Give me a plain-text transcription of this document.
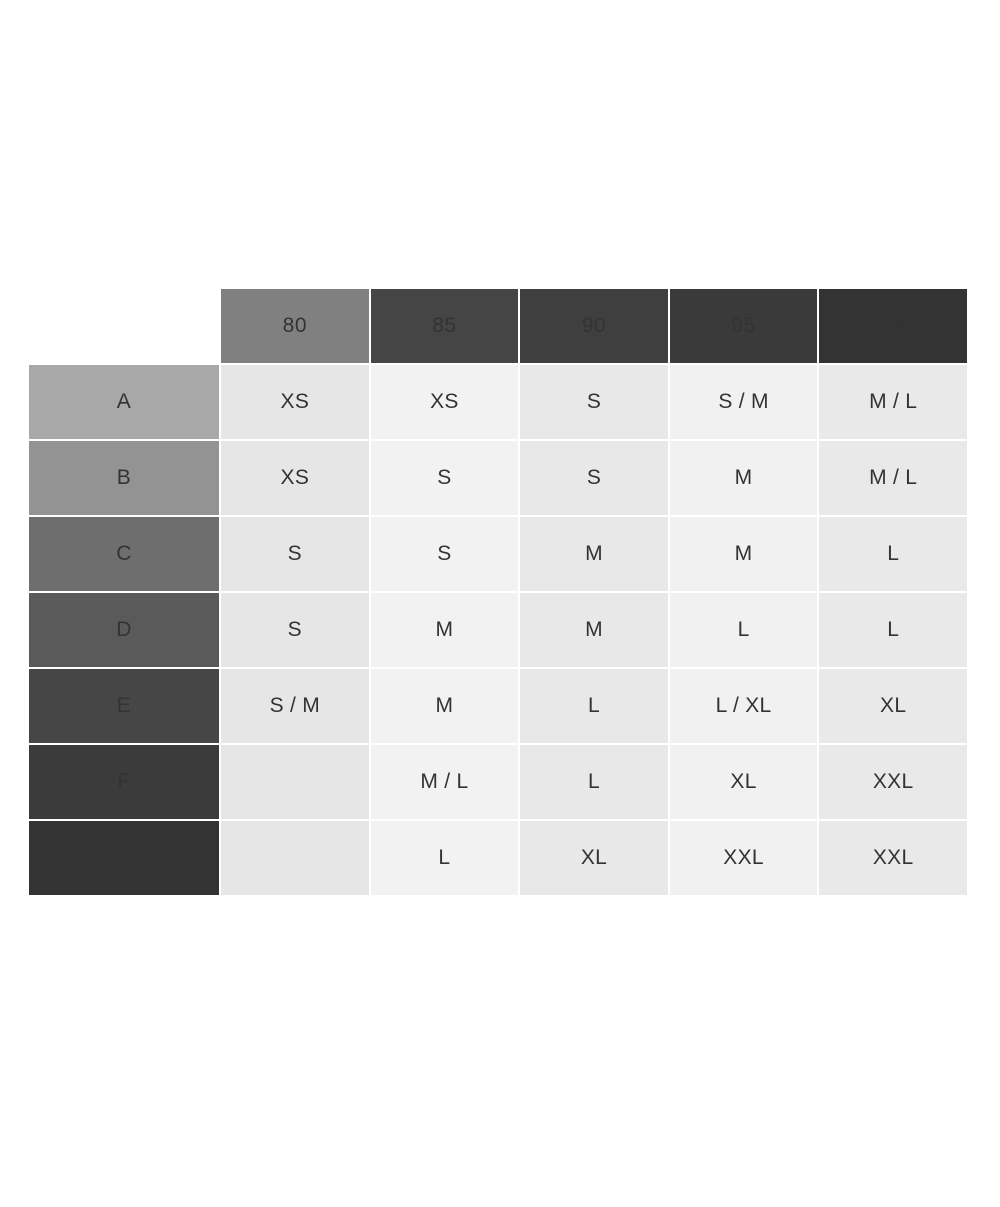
	80	85	90	95	100
A	XS	XS	S	S / M	M / L
B	XS	S	S	M	M / L
C	S	S	M	M	L
D	S	M	M	L	L
E	S / M	M	L	L / XL	XL
F		M / L	L	XL	XXL
G		L	XL	XXL	XXL
